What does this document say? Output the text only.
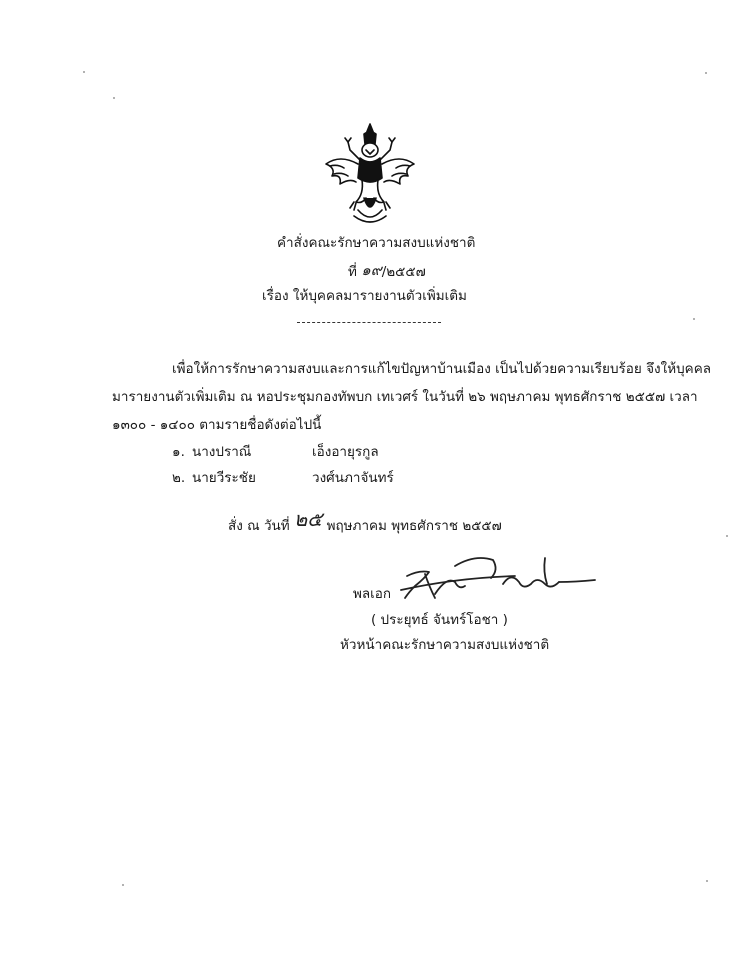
คำสั่งคณะรักษาความสงบแห่งชาติ
ที่ ๑๙/๒๕๕๗
เรื่อง ให้บุคคลมารายงานตัวเพิ่มเติม
เพื่อให้การรักษาความสงบและการแก้ไขปัญหาบ้านเมือง เป็นไปด้วยความเรียบร้อย จึงให้บุคคล
มารายงานตัวเพิ่มเติม ณ หอประชุมกองทัพบก เทเวศร์ ในวันที่ ๒๖ พฤษภาคม พุทธศักราช ๒๕๕๗ เวลา
๑๓๐๐ - ๑๔๐๐ ตามรายชื่อดังต่อไปนี้
๑. นางปราณี	เอ็งอายุรกูล
๒. นายวีระชัย	วงศ์นภาจันทร์
สั่ง ณ วันที่ ๒๕ พฤษภาคม พุทธศักราช ๒๕๕๗
พลเอก
( ประยุทธ์ จันทร์โอชา )
หัวหน้าคณะรักษาความสงบแห่งชาติ
